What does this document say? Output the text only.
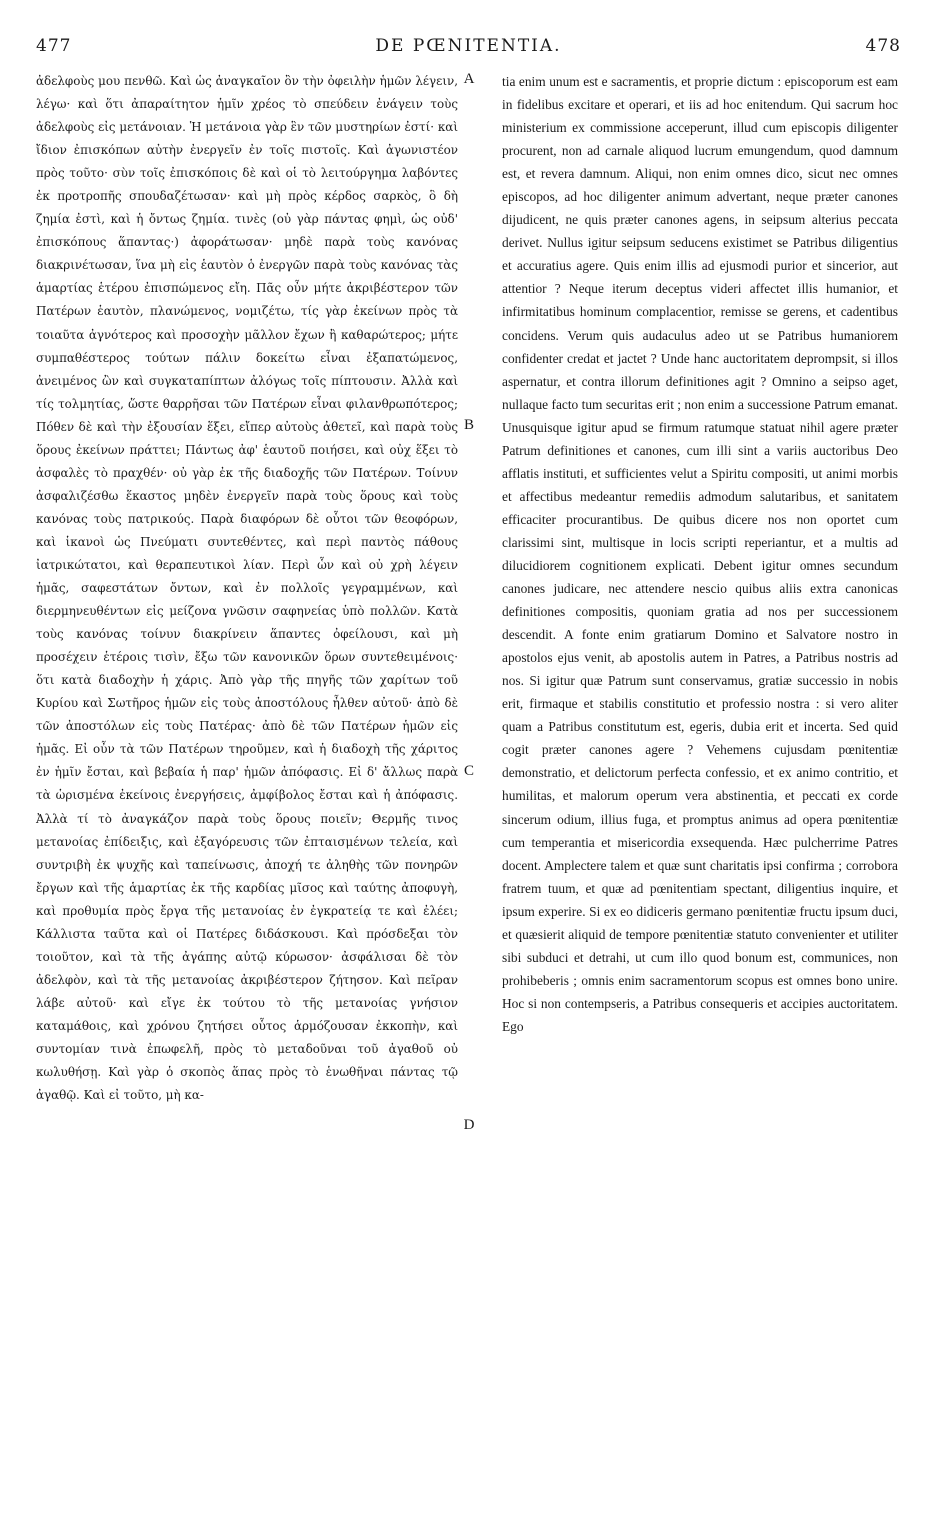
477	DE PŒNITENTIA.	478

ἀδελφοὺς μου πενθῶ. Καὶ ὡς ἀναγκαῖον ὂν τὴν ὀφειλὴν ἡμῶν λέγειν, λέγω· καὶ ὅτι ἀπαραίτητον ἡμῖν χρέος τὸ σπεύδειν ἐνάγειν τοὺς ἀδελφοὺς εἰς μετάνοιαν. Ἡ μετάνοια γὰρ ἓν τῶν μυστηρίων ἐστί· καὶ ἴδιον ἐπισκόπων αὐτὴν ἐνεργεῖν ἐν τοῖς πιστοῖς. Καὶ ἀγωνιστέον πρὸς τοῦτο· σὺν τοῖς ἐπισκόποις δὲ καὶ οἱ τὸ λειτούργημα λαβόντες ἐκ προτροπῆς σπουδαζέτωσαν· καὶ μὴ πρὸς κέρδος σαρκὸς, ὃ δὴ ζημία ἐστὶ, καὶ ἡ ὄντως ζημία. τινὲς (οὐ γὰρ πάντας φημὶ, ὡς οὐδ' ἐπισκόπους ἅπαντας·) ἀφοράτωσαν· μηδὲ παρὰ τοὺς κανόνας διακρινέτωσαν, ἵνα μὴ εἰς ἑαυτὸν ὁ ἐνεργῶν παρὰ τοὺς κανόνας τὰς ἁμαρτίας ἑτέρου ἐπισπώμενος εἴη. Πᾶς οὖν μήτε ἀκριβέστερον τῶν Πατέρων ἑαυτὸν, πλανώμενος, νομιζέτω, τίς γὰρ ἐκείνων πρὸς τὰ τοιαῦτα ἀγνότερος καὶ προσοχὴν μᾶλλον ἔχων ἢ καθαρώτερος; μήτε συμπαθέστερος τούτων πάλιν δοκείτω εἶναι ἐξαπατώμενος, ἀνειμένος ὢν καὶ συγκαταπίπτων ἀλόγως τοῖς πίπτουσιν. Ἀλλὰ καὶ τίς τολμητίας, ὥστε θαρρῆσαι τῶν Πατέρων εἶναι φιλανθρωπότερος; Πόθεν δὲ καὶ τὴν ἐξουσίαν ἕξει, εἴπερ αὐτοὺς ἀθετεῖ, καὶ παρὰ τοὺς ὅρους ἐκείνων πράττει; Πάντως ἀφ' ἑαυτοῦ ποιήσει, καὶ οὐχ ἕξει τὸ ἀσφαλὲς τὸ πραχθέν· οὐ γὰρ ἐκ τῆς διαδοχῆς τῶν Πατέρων. Τοίνυν ἀσφαλιζέσθω ἕκαστος μηδὲν ἐνεργεῖν παρὰ τοὺς ὅρους καὶ τοὺς κανόνας τοὺς πατρικούς. Παρὰ διαφόρων δὲ οὗτοι τῶν θεοφόρων, καὶ ἱκανοὶ ὡς Πνεύματι συντεθέντες, καὶ περὶ παντὸς πάθους ἰατρικώτατοι, καὶ θεραπευτικοὶ λίαν. Περὶ ὧν καὶ οὐ χρὴ λέγειν ἡμᾶς, σαφεστάτων ὄντων, καὶ ἐν πολλοῖς γεγραμμένων, καὶ διερμηνευθέντων εἰς μείζονα γνῶσιν σαφηνείας ὑπὸ πολλῶν. Κατὰ τοὺς κανόνας τοίνυν διακρίνειν ἅπαντες ὀφείλουσι, καὶ μὴ προσέχειν ἑτέροις τισὶν, ἔξω τῶν κανονικῶν ὅρων συντεθειμένοις· ὅτι κατὰ διαδοχὴν ἡ χάρις. Ἀπὸ γὰρ τῆς πηγῆς τῶν χαρίτων τοῦ Κυρίου καὶ Σωτῆρος ἡμῶν εἰς τοὺς ἀποστόλους ἦλθεν αὐτοῦ· ἀπὸ δὲ τῶν ἀποστόλων εἰς τοὺς Πατέρας· ἀπὸ δὲ τῶν Πατέρων ἡμῶν εἰς ἡμᾶς. Εἰ οὖν τὰ τῶν Πατέρων τηροῦμεν, καὶ ἡ διαδοχὴ τῆς χάριτος ἐν ἡμῖν ἔσται, καὶ βεβαία ἡ παρ' ἡμῶν ἀπόφασις. Εἰ δ' ἄλλως παρὰ τὰ ὡρισμένα ἐκείνοις ἐνεργήσεις, ἀμφίβολος ἔσται καὶ ἡ ἀπόφασις. Ἀλλὰ τί τὸ ἀναγκάζον παρὰ τοὺς ὅρους ποιεῖν; Θερμῆς τινος μετανοίας ἐπίδειξις, καὶ ἐξαγόρευσις τῶν ἐπταισμένων τελεία, καὶ συντριβὴ ἐκ ψυχῆς καὶ ταπείνωσις, ἀποχή τε ἀληθὴς τῶν πονηρῶν ἔργων καὶ τῆς ἁμαρτίας ἐκ τῆς καρδίας μῖσος καὶ ταύτης ἀποφυγὴ, καὶ προθυμία πρὸς ἔργα τῆς μετανοίας ἐν ἐγκρατείᾳ τε καὶ ἐλέει; Κάλλιστα ταῦτα καὶ οἱ Πατέρες διδάσκουσι. Καὶ πρόσδεξαι τὸν τοιοῦτον, καὶ τὰ τῆς ἀγάπης αὐτῷ κύρωσον· ἀσφάλισαι δὲ τὸν ἀδελφὸν, καὶ τὰ τῆς μετανοίας ἀκριβέστερον ζήτησον. Καὶ πεῖραν λάβε αὐτοῦ· καὶ εἴγε ἐκ τούτου τὸ τῆς μετανοίας γνήσιον καταμάθοις, καὶ χρόνου ζητήσει οὗτος ἁρμόζουσαν ἐκκοπὴν, καὶ συντομίαν τινὰ ἐπωφελῆ, πρὸς τὸ μεταδοῦναι τοῦ ἀγαθοῦ οὐ κωλυθήσῃ. Καὶ γὰρ ὁ σκοπὸς ἅπας πρὸς τὸ ἑνωθῆναι πάντας τῷ ἀγαθῷ. Καὶ εἰ τοῦτο, μὴ κα-

A
B
C
D

tia enim unum est e sacramentis, et proprie dictum : episcoporum est eam in fidelibus excitare et operari, et iis ad hoc enitendum. Qui sacrum hoc ministerium ex commissione acceperunt, illud cum episcopis diligenter procurent, non ad carnale aliquod lucrum emungendum, quod damnum est, et revera damnum. Aliqui, non enim omnes dico, sicut nec omnes episcopos, ad hoc diligenter animum advertant, neque præter canones dijudicent, ne quis præter canones agens, in seipsum alterius peccata derivet. Nullus igitur seipsum seducens existimet se Patribus diligentius et accuratius agere. Quis enim illis ad ejusmodi purior et sincerior, aut attentior ? Neque iterum deceptus videri affectet illis humanior, et infirmitatibus hominum complacentior, remisse se gerens, et cadentibus concidens. Verum quis audaculus adeo ut se Patribus humaniorem confidenter credat et jactet ? Unde hanc auctoritatem deprompsit, si illos aspernatur, et contra illorum definitiones agit ? Omnino a seipso aget, nullaque facto tum securitas erit ; non enim a successione Patrum emanat. Unusquisque igitur apud se firmum ratumque statuat nihil agere præter Patrum definitiones et canones, cum illi sint a variis auctoribus Deo afflatis instituti, et sufficientes velut a Spiritu compositi, ut animi morbis et affectibus medeantur remediis admodum salutaribus, et sanitatem efficaciter procurantibus. De quibus dicere nos non oportet cum clarissimi sint, multisque in locis scripti reperiantur, et a multis ad dilucidiorem cognitionem explicati. Debent igitur omnes secundum canones judicare, nec attendere nescio quibus aliis extra canonicas definitiones compositis, quoniam gratia ad nos per successionem descendit. A fonte enim gratiarum Domino et Salvatore nostro in apostolos ejus venit, ab apostolis autem in Patres, a Patribus nostris ad nos. Si igitur quæ Patrum sunt conservamus, gratiæ successio in nobis erit, firmaque et stabilis constitutio et professio nostra : si vero aliter quam a Patribus constitutum est, egeris, dubia erit et incerta. Sed quid cogit præter canones agere ? Vehemens cujusdam pœnitentiæ demonstratio, et delictorum perfecta confessio, et ex animo contritio, et humilitas, et malorum operum vera abstinentia, et peccati ex corde sincerum odium, illius fuga, et promptus animus ad opera pœnitentiæ cum temperantia et misericordia exsequenda. Hæc pulcherrime Patres docent. Amplectere talem et quæ sunt charitatis ipsi confirma ; corrobora fratrem tuum, et quæ ad pœnitentiam spectant, diligentius inquire, et ipsum experire. Si ex eo didiceris germano pœnitentiæ fructu ipsum duci, et quæsierit aliquid de tempore pœnitentiæ statuto convenienter et utiliter sibi subduci et detrahi, ut cum illo quod bonum est, communices, non prohibeberis ; omnis enim sacramentorum scopus est omnes bono unire. Hoc si non contempseris, a Patribus consequeris et accipies auctoritatem. Ego
